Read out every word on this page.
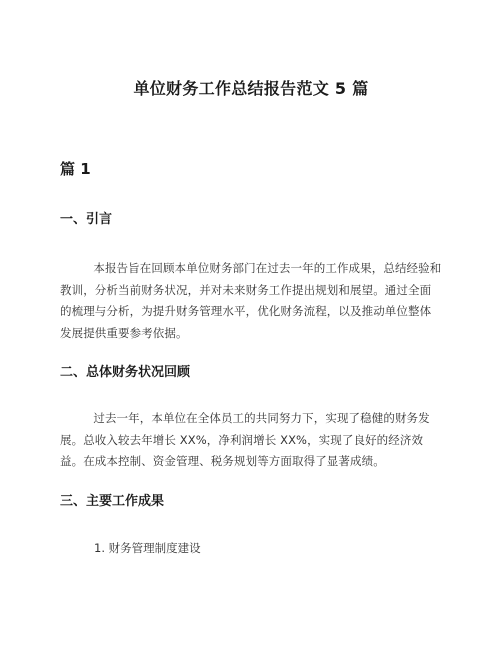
单位财务工作总结报告范文 5 篇
篇 1
一、引言

本报告旨在回顾本单位财务部门在过去一年的工作成果，总结经验和教训，分析当前财务状况，并对未来财务工作提出规划和展望。通过全面的梳理与分析，为提升财务管理水平，优化财务流程，以及推动单位整体发展提供重要参考依据。

二、总体财务状况回顾

过去一年，本单位在全体员工的共同努力下，实现了稳健的财务发展。总收入较去年增长 XX%，净利润增长 XX%，实现了良好的经济效益。在成本控制、资金管理、税务规划等方面取得了显著成绩。

三、主要工作成果
1. 财务管理制度建设
